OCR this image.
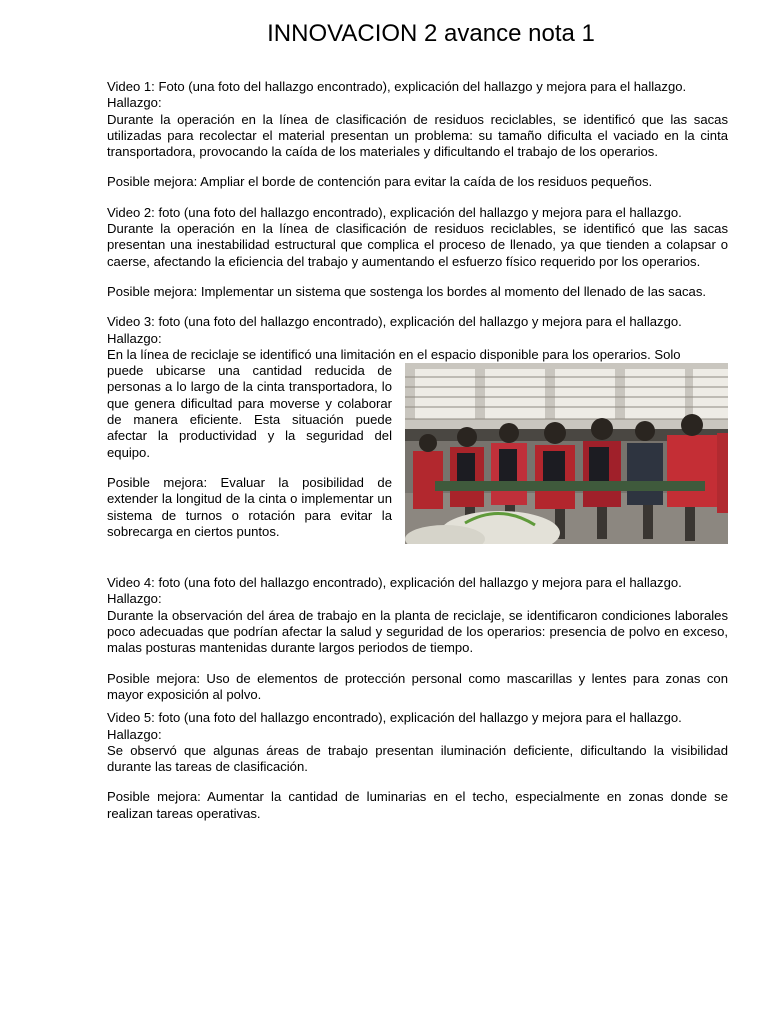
INNOVACION 2 avance nota 1

Video 1: Foto (una foto del hallazgo encontrado), explicación del hallazgo y mejora para el hallazgo.

Hallazgo:

Durante la operación en la línea de clasificación de residuos reciclables, se identificó que las sacas utilizadas para recolectar el material presentan un problema: su tamaño dificulta el vaciado en la cinta transportadora, provocando la caída de los materiales y dificultando el trabajo de los operarios.

Posible mejora: Ampliar el borde de contención para evitar la caída de los residuos pequeños.

Video 2: foto (una foto del hallazgo encontrado), explicación del hallazgo y mejora para el hallazgo.

Durante la operación en la línea de clasificación de residuos reciclables, se identificó que las sacas presentan una inestabilidad estructural que complica el proceso de llenado, ya que tienden a colapsar o caerse, afectando la eficiencia del trabajo y aumentando el esfuerzo físico requerido por los operarios.

Posible mejora: Implementar un sistema que sostenga los bordes al momento del llenado de las sacas.

Video 3: foto (una foto del hallazgo encontrado), explicación del hallazgo y mejora para el hallazgo.

Hallazgo:

En la línea de reciclaje se identificó una limitación en el espacio disponible para los operarios. Solo

puede ubicarse una cantidad reducida de personas a lo largo de la cinta transportadora, lo que genera dificultad para moverse y colaborar de manera eficiente. Esta situación puede afectar la productividad y la seguridad del equipo.

Posible mejora: Evaluar la posibilidad de extender la longitud de la cinta o implementar un sistema de turnos o rotación para evitar la sobrecarga en ciertos puntos.

Video 4: foto (una foto del hallazgo encontrado), explicación del hallazgo y mejora para el hallazgo.

Hallazgo:

Durante la observación del área de trabajo en la planta de reciclaje, se identificaron condiciones laborales poco adecuadas que podrían afectar la salud y seguridad de los operarios: presencia de polvo en exceso, malas posturas mantenidas durante largos periodos de tiempo.

Posible mejora: Uso de elementos de protección personal como mascarillas y lentes para zonas con mayor exposición al polvo.

Video 5: foto (una foto del hallazgo encontrado), explicación del hallazgo y mejora para el hallazgo.

Hallazgo:

Se observó que algunas áreas de trabajo presentan iluminación deficiente, dificultando la visibilidad durante las tareas de clasificación.

Posible mejora: Aumentar la cantidad de luminarias en el techo, especialmente en zonas donde se realizan tareas operativas.
